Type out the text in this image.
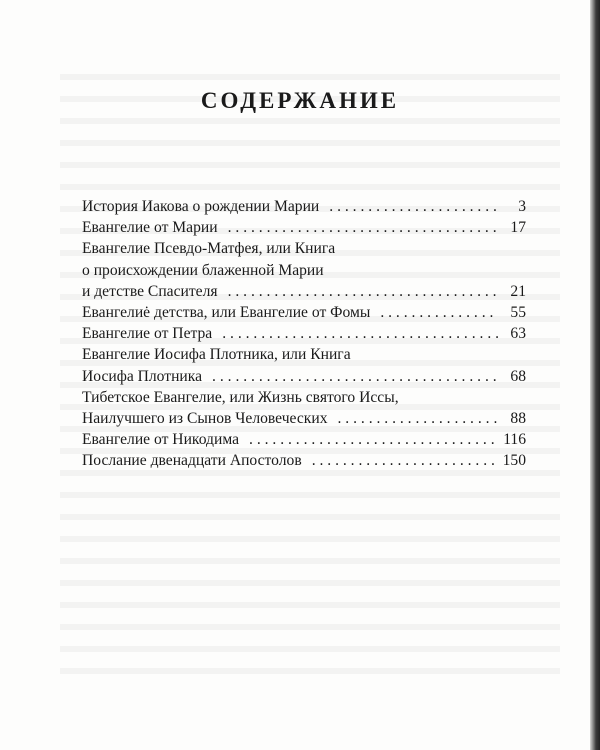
СОДЕРЖАНИЕ
История Иакова о рождении Марии . . .	3
Евангелие от Марии . . .	17
Евангелие Псевдо-Матфея, или Книга
о происхождении блаженной Марии
и детстве Спасителя . . .	21
Евангелиė детства, или Евангелие от Фомы . . .	55
Евангелие от Петра . . .	63
Евангелие Иосифа Плотника, или Книга
Иосифа Плотника . . .	68
Тибетское Евангелие, или Жизнь святого Иссы,
Наилучшего из Сынов Человеческих . . .	88
Евангелие от Никодима . . .	116
Послание двенадцати Апостолов . . .	150
